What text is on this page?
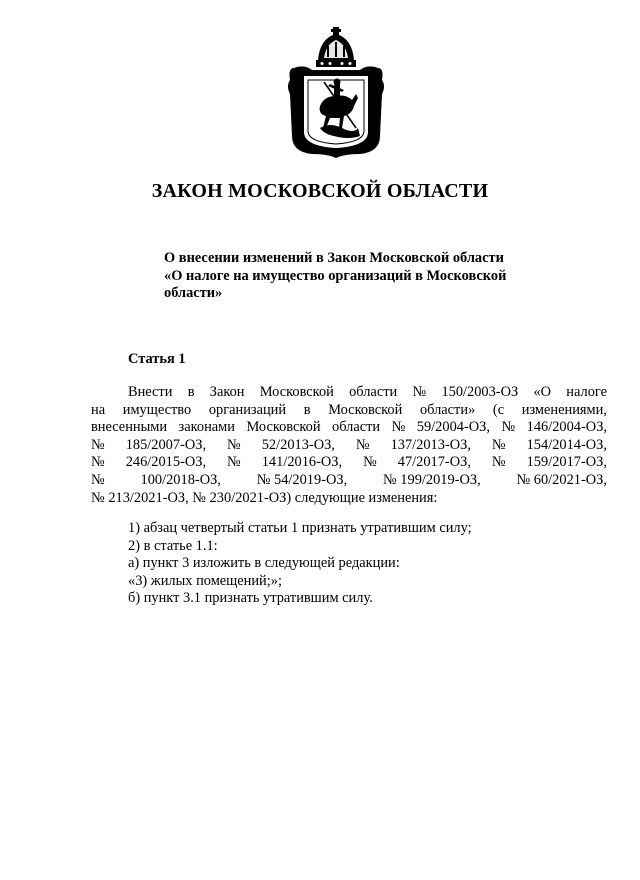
ЗАКОН МОСКОВСКОЙ ОБЛАСТИ
О внесении изменений в Закон Московской области
«О налоге на имущество организаций в Московской
области»
Статья 1
Внести в Закон Московской области № 150/2003-ОЗ «О налоге
на имущество организаций в Московской области» (с изменениями,
внесенными законами Московской области № 59/2004-ОЗ, № 146/2004-ОЗ,
№ 185/2007-ОЗ, № 52/2013-ОЗ, № 137/2013-ОЗ, № 154/2014-ОЗ,
№ 246/2015-ОЗ, № 141/2016-ОЗ, № 47/2017-ОЗ, № 159/2017-ОЗ,
№ 100/2018-ОЗ, № 54/2019-ОЗ, № 199/2019-ОЗ, № 60/2021-ОЗ,
№ 213/2021-ОЗ, № 230/2021-ОЗ) следующие изменения:
1) абзац четвертый статьи 1 признать утратившим силу;
2) в статье 1.1:
а) пункт 3 изложить в следующей редакции:
«3) жилых помещений;»;
б) пункт 3.1 признать утратившим силу.
